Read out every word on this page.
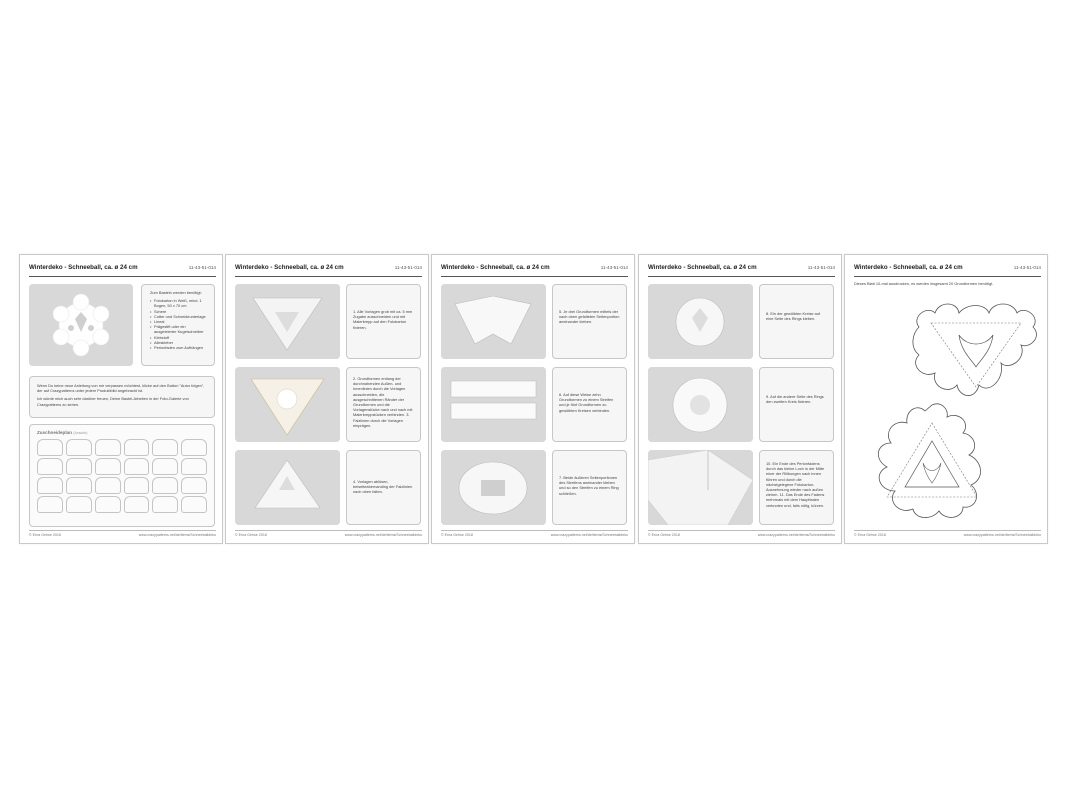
Winterdeko - Schneeball, ca. ø 24 cm	11-43-51-014

Zum Basteln werden benötigt:

• Fotokarton in Weiß, mind. 1 Bogen, 50 x 70 cm
• Schere
• Cutter und Schneideunterlage
• Lineal
• Prägestift oder ein ausgeleierter Kugelschreiber
• Klebstoff
• Alleskleber
• Perlonfaden zum Aufhängen

Wenn Du keine neue Anleitung von mir verpassen möchtest, klicke auf den Button "Autor folgen", der auf Crazypatterns unter jedem Produktbild angebracht ist.

Ich würde mich auch sehr darüber freuen, Deine Bastel-Arbeiten in der Foto-Galerie von Crazypatterns zu sehen.

Zuschneideplan (Ansicht)
© Erna Gehse 2018	www.crazypatterns.net/de/items/Schneeballdeko
Winterdeko - Schneeball, ca. ø 24 cm	11-43-51-014

1. Alle Vorlagen grob mit ca. 5 mm Zugabe ausschneiden und mit Malerkrepp auf den Fotokarton fixieren.

2. Grundformen entlang der durchnahenden Außen- und Innenlinien durch die Vorlagen ausschneiden, die ausgeschnittenen Ränder der Grundformen und die Vorlagenstücke nach und nach mit Malerkreppstücken verbinden. 3. Falzlinien durch die Vorlagen einprägen.

4. Vorlagen ablösen, beiseiteabernanding der Falzlinien nach oben falten.

© Erna Gehse 2018	www.crazypatterns.net/de/items/Schneeballdeko
Winterdeko - Schneeball, ca. ø 24 cm	11-43-51-014

5. Je drei Grundformen mittels der nach oben gefalteten Seitenportion aneinander kleben.

6. Auf diese Weise zehn Grundformen zu einem Streifen und je fünf Grundformen zu gewölbten Kreisen verbinden.

7. Beide äußeren Seitenportionen des Streifens aneinander kleben und so den Streifen zu einem Ring schließen.

© Erna Gehse 2018	www.crazypatterns.net/de/items/Schneeballdeko
Winterdeko - Schneeball, ca. ø 24 cm	11-43-51-014

8. Ein der gewölbten Kreise auf eine Seite des Rings kleben.

9. Auf die andere Seite des Rings den zweiten Kreis fixieren.

10. Ein Ende des Perlonfadens durch das kleine Loch in der Mitte einer der Rillbungen nach innen führen und durch die nächstgelegene Fotokarton-Ausnehmung wieder nach außen ziehen. 11. Das Ende des Fadens mehrmals mit dem Hauptfaden verknoten und, falls nötig, kürzen.

© Erna Gehse 2018	www.crazypatterns.net/de/items/Schneeballdeko
Winterdeko - Schneeball, ca. ø 24 cm	11-43-51-014
Dieses Blatt 10-mal ausdrucken, es werden insgesamt 20 Grundformen benötigt.
© Erna Gehse 2018	www.crazypatterns.net/de/items/Schneeballdeko
